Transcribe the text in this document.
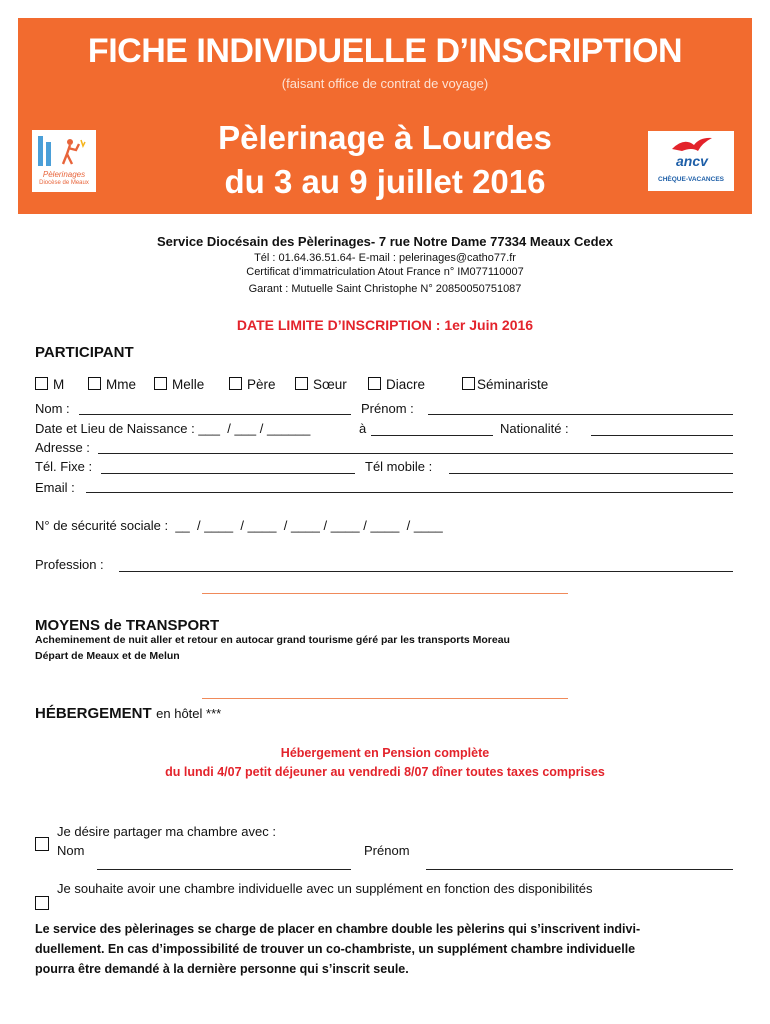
FICHE INDIVIDUELLE D’INSCRIPTION
(faisant office de contrat de voyage)
Pèlerinage à Lourdes
du 3 au 9 juillet 2016
Pèlerinages
Diocèse de Meaux
ancv
CHÈQUE-VACANCES
Service Diocésain des Pèlerinages- 7 rue Notre Dame 77334 Meaux Cedex
Tél : 01.64.36.51.64- E-mail : pelerinages@catho77.fr
Certificat d’immatriculation Atout France n° IM077110007
Garant : Mutuelle Saint Christophe N° 20850050751087
DATE LIMITE D’INSCRIPTION : 1er Juin 2016
PARTICIPANT
M	Mme	Melle	Père	Sœur	Diacre	Séminariste
Nom :	Prénom :
Date et Lieu de Naissance : ___  / ___ / ______	à	Nationalité :
Adresse :
Tél. Fixe :	Tél mobile :
Email :
N° de sécurité sociale :  __  / ____  / ____  / ____ / ____ / ____  / ____
Profession :
MOYENS de TRANSPORT
Acheminement de nuit aller et retour en autocar grand tourisme géré par les transports Moreau
Départ de Meaux et de Melun
HÉBERGEMENT en hôtel ***
Hébergement en Pension complète
du lundi 4/07 petit déjeuner au vendredi 8/07 dîner toutes taxes comprises
Je désire partager ma chambre avec :
Nom	Prénom
Je souhaite avoir une chambre individuelle avec un supplément en fonction des disponibilités
Le service des pèlerinages se charge de placer en chambre double les pèlerins qui s’inscrivent indivi-
duellement. En cas d’impossibilité de trouver un co-chambriste, un supplément chambre individuelle
pourra être demandé à la dernière personne qui s’inscrit seule.
